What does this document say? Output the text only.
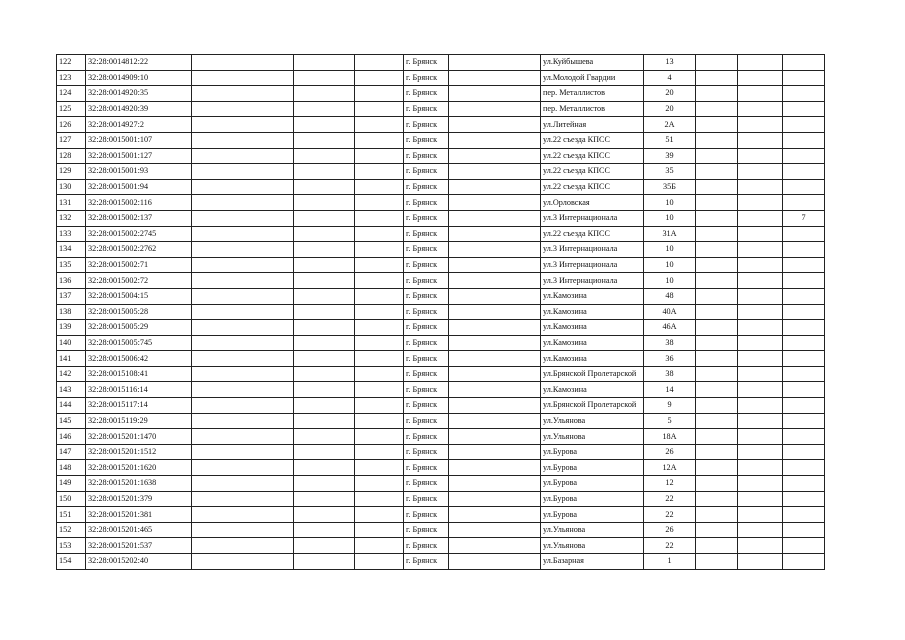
122	32:28:0014812:22				г. Брянск		ул.Куйбышева	13			
123	32:28:0014909:10				г. Брянск		ул.Молодой Гвардии	4			
124	32:28:0014920:35				г. Брянск		пер. Металлистов	20			
125	32:28:0014920:39				г. Брянск		пер. Металлистов	20			
126	32:28:0014927:2				г. Брянск		ул.Литейная	2А			
127	32:28:0015001:107				г. Брянск		ул.22 съезда КПСС	51			
128	32:28:0015001:127				г. Брянск		ул.22 съезда КПСС	39			
129	32:28:0015001:93				г. Брянск		ул.22 съезда КПСС	35			
130	32:28:0015001:94				г. Брянск		ул.22 съезда КПСС	35Б			
131	32:28:0015002:116				г. Брянск		ул.Орловская	10			
132	32:28:0015002:137				г. Брянск		ул.3 Интернационала	10			7
133	32:28:0015002:2745				г. Брянск		ул.22 съезда КПСС	31А			
134	32:28:0015002:2762				г. Брянск		ул.3 Интернационала	10			
135	32:28:0015002:71				г. Брянск		ул.3 Интернационала	10			
136	32:28:0015002:72				г. Брянск		ул.3 Интернационала	10			
137	32:28:0015004:15				г. Брянск		ул.Камозина	48			
138	32:28:0015005:28				г. Брянск		ул.Камозина	40А			
139	32:28:0015005:29				г. Брянск		ул.Камозина	46А			
140	32:28:0015005:745				г. Брянск		ул.Камозина	38			
141	32:28:0015006:42				г. Брянск		ул.Камозина	36			
142	32:28:0015108:41				г. Брянск		ул.Брянской Пролетарской	38			
143	32:28:0015116:14				г. Брянск		ул.Камозина	14			
144	32:28:0015117:14				г. Брянск		ул.Брянской Пролетарской	9			
145	32:28:0015119:29				г. Брянск		ул.Ульянова	5			
146	32:28:0015201:1470				г. Брянск		ул.Ульянова	18А			
147	32:28:0015201:1512				г. Брянск		ул.Бурова	26			
148	32:28:0015201:1620				г. Брянск		ул.Бурова	12А			
149	32:28:0015201:1638				г. Брянск		ул.Бурова	12			
150	32:28:0015201:379				г. Брянск		ул.Бурова	22			
151	32:28:0015201:381				г. Брянск		ул.Бурова	22			
152	32:28:0015201:465				г. Брянск		ул.Ульянова	26			
153	32:28:0015201:537				г. Брянск		ул.Ульянова	22			
154	32:28:0015202:40				г. Брянск		ул.Базарная	1			
